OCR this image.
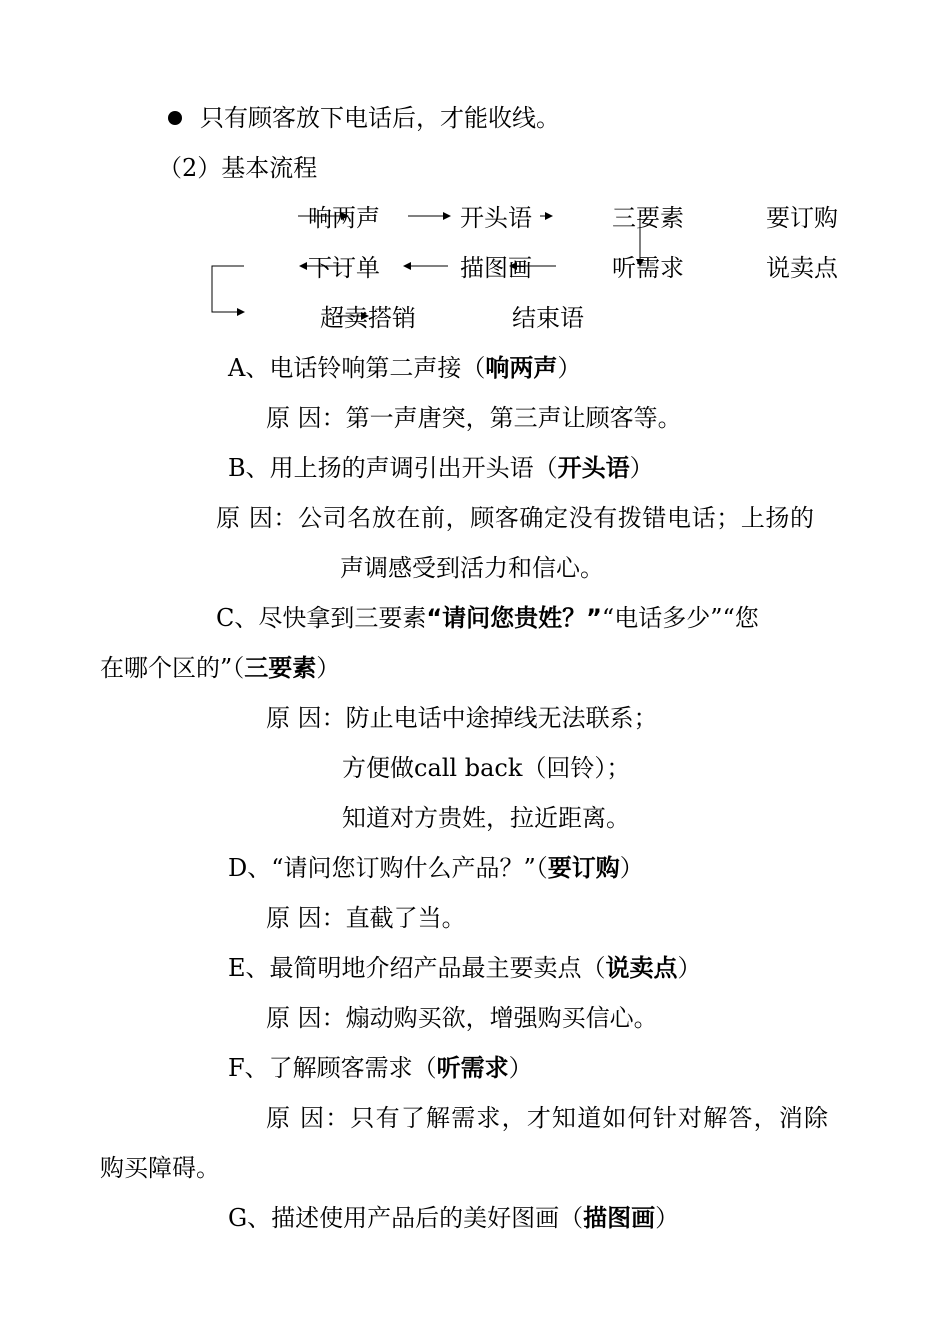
只有顾客放下电话后，才能收线。
（2）基本流程
响两声	开头语	三要素	要订购
下订单	描图画	听需求	说卖点
超卖搭销	结束语
A、电话铃响第二声接（响两声）
原 因：第一声唐突，第三声让顾客等。
B、用上扬的声调引出开头语（开头语）
原 因：公司名放在前，顾客确定没有拨错电话；上扬的
声调感受到活力和信心。
C、尽快拿到三要素“请问您贵姓？”“电话多少”“您
在哪个区的”（三要素）
原 因：防止电话中途掉线无法联系；
方便做call back（回铃）；
知道对方贵姓，拉近距离。
D、“请问您订购什么产品？”（要订购）
原 因：直截了当。
E、最简明地介绍产品最主要卖点（说卖点）
原 因：煽动购买欲，增强购买信心。
F、了解顾客需求（听需求）
原 因：只有了解需求，才知道如何针对解答，消除
购买障碍。
G、描述使用产品后的美好图画（描图画）
